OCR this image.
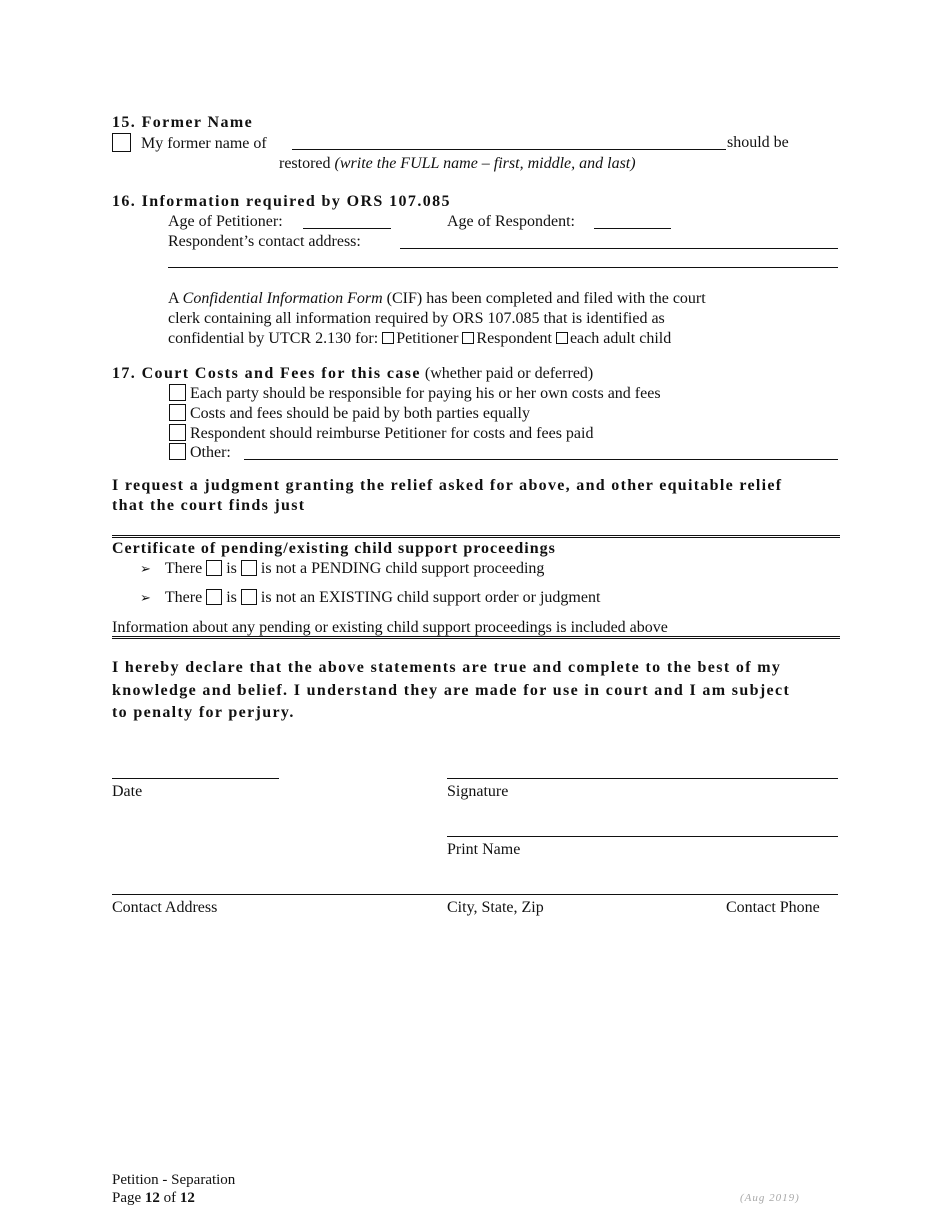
15. Former Name
My former name of	should be
restored (write the FULL name – first, middle, and last)
16. Information required by ORS 107.085
Age of Petitioner:	Age of Respondent:
Respondent’s contact address:
A Confidential Information Form (CIF) has been completed and filed with the court
clerk containing all information required by ORS 107.085 that is identified as
confidential by UTCR 2.130 for: Petitioner Respondent each adult child
17. Court Costs and Fees for this case (whether paid or deferred)
Each party should be responsible for paying his or her own costs and fees
Costs and fees should be paid by both parties equally
Respondent should reimburse Petitioner for costs and fees paid
Other:
I request a judgment granting the relief asked for above, and other equitable relief
that the court finds just
Certificate of pending/existing child support proceedings
➢ There is is not a PENDING child support proceeding
➢ There is is not an EXISTING child support order or judgment
Information about any pending or existing child support proceedings is included above
I hereby declare that the above statements are true and complete to the best of my
knowledge and belief. I understand they are made for use in court and I am subject
to penalty for perjury.
Date	Signature
Print Name
Contact Address	City, State, Zip	Contact Phone
Petition - Separation
Page 12 of 12	(Aug 2019)
